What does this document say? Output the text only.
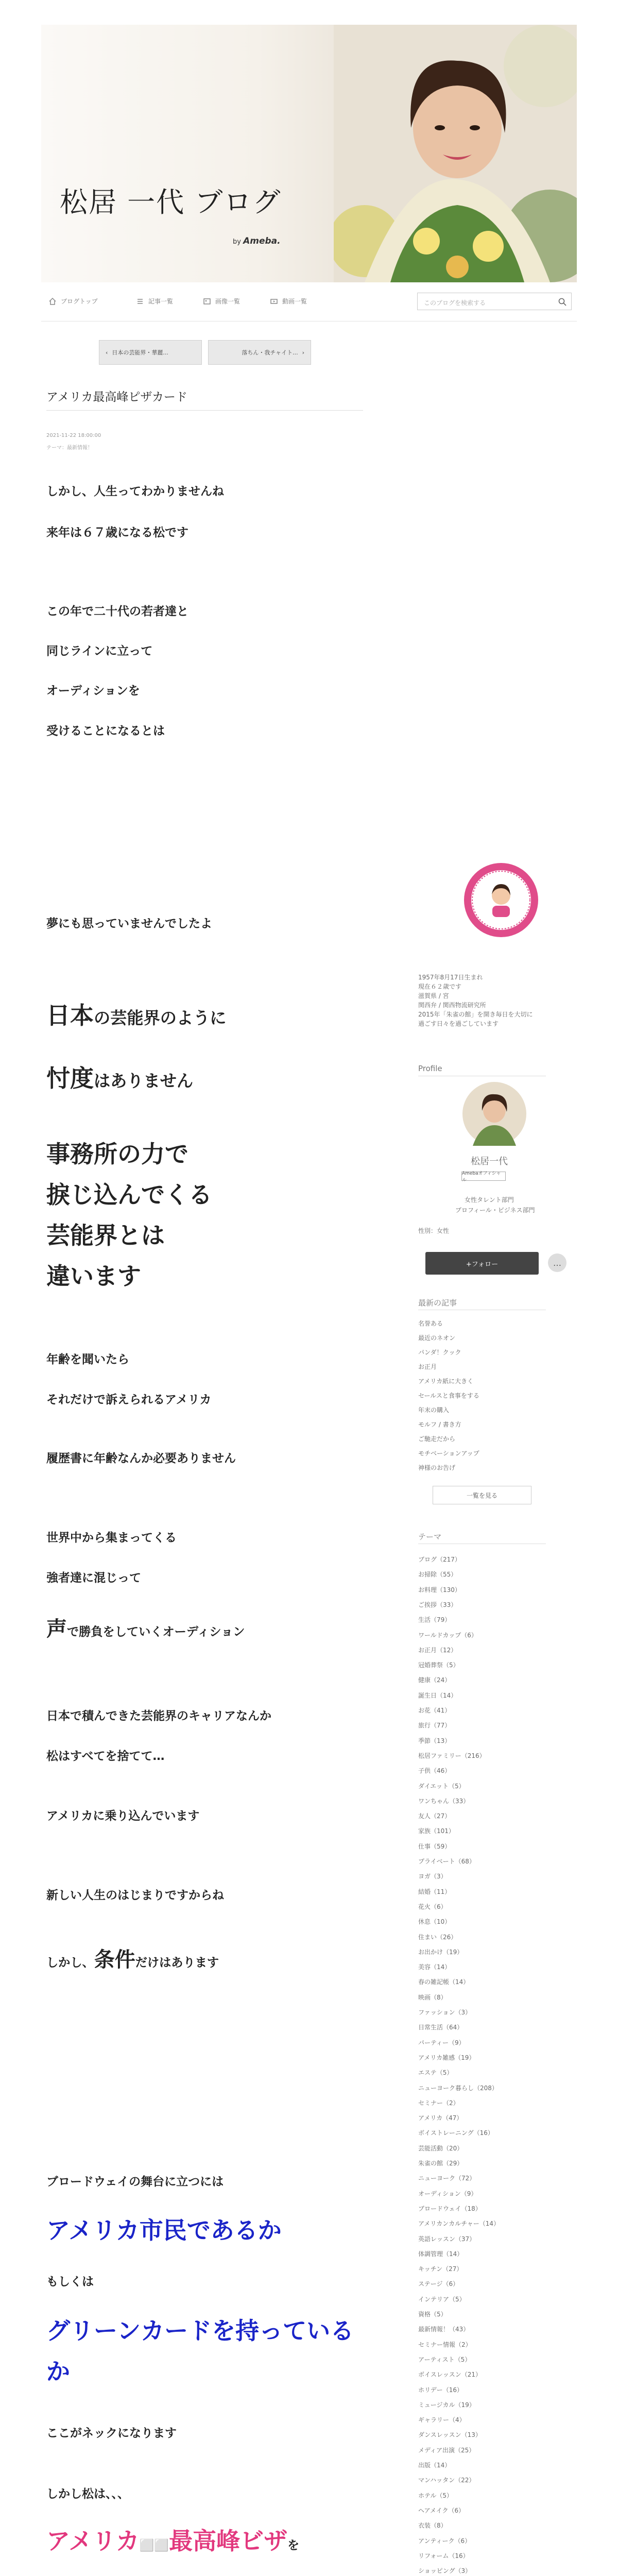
松居 一代 ブログ
by Ameba.
ブログトップ	記事一覧	画像一覧	動画一覧	このブログを検索する
‹ 日本の芸能界・華麗...	落ちん・我チャイト... ›
アメリカ最高峰ピザカード
2021-11-22 18:00:00
テーマ：最新情報！
しかし、人生ってわかりませんね
来年は６７歳になる松です
この年で二十代の若者達と
同じラインに立って
オーディションを
受けることになるとは
夢にも思っていませんでしたよ
日本の芸能界のように
忖度はありません
事務所の力で
捩じ込んでくる
芸能界とは
違います
年齢を聞いたら
それだけで訴えられるアメリカ
履歴書に年齢なんか必要ありません
世界中から集まってくる
強者達に混じって
声で勝負をしていくオーディション
日本で積んできた芸能界のキャリアなんか
松はすべてを捨てて…
アメリカに乗り込んでいます
新しい人生のはじまりですからね
しかし、条件だけはあります
ブロードウェイの舞台に立つには
アメリカ市民であるか
もしくは
グリーンカードを持っている
か
ここがネックになります
しかし松は、、、
アメリカ⬜⬜最高峰ビザを
1957年8月17日生まれ
現在６２歳です
滋賀県 / 宮
関西弁 / 関西物流研究所
2015年「朱雀の館」を開き毎日を大切に
過ごす日々を過ごしています
Profile
松居一代
Amebaオフィシャル
女性タレント部門
プロフィール・ビジネス部門
性別：女性
+フォロー	…
最新の記事
名誉ある
最近のネオン
パンダ！クック
お正月
アメリカ紙に大きく
セールスと食事をする
年末の購入
モルフ / 書き方
ご馳走だから
モチベーションアップ
神様のお告げ
一覧を見る
テーマ
ブログ（217）
お掃除（55）
お料理（130）
ご挨拶（33）
生活（79）
ワールドカップ（6）
お正月（12）
冠婚葬祭（5）
健康（24）
誕生日（14）
お花（41）
旅行（77）
季節（13）
松居ファミリー（216）
子供（46）
ダイエット（5）
ワンちゃん（33）
友人（27）
家族（101）
仕事（59）
プライベート（68）
ヨガ（3）
結婚（11）
花火（6）
休息（10）
住まい（26）
お出かけ（19）
美容（14）
春の雑記帳（14）
映画（8）
ファッション（3）
日常生活（64）
パーティー（9）
アメリカ雑感（19）
エステ（5）
ニューヨーク暮らし（208）
セミナー（2）
アメリカ（47）
ボイストレーニング（16）
芸能活動（20）
朱雀の館（29）
ニューヨーク（72）
オーディション（9）
ブロードウェイ（18）
アメリカンカルチャー（14）
英語レッスン（37）
体調管理（14）
キッチン（27）
ステージ（6）
インテリア（5）
資格（5）
最新情報！（43）
セミナー情報（2）
アーティスト（5）
ボイスレッスン（21）
ホリデー（16）
ミュージカル（19）
ギャラリー（4）
ダンスレッスン（13）
メディア出演（25）
出版（14）
マンハッタン（22）
ホテル（5）
ヘアメイク（6）
衣装（8）
アンティーク（6）
リフォーム（16）
ショッピング（3）
